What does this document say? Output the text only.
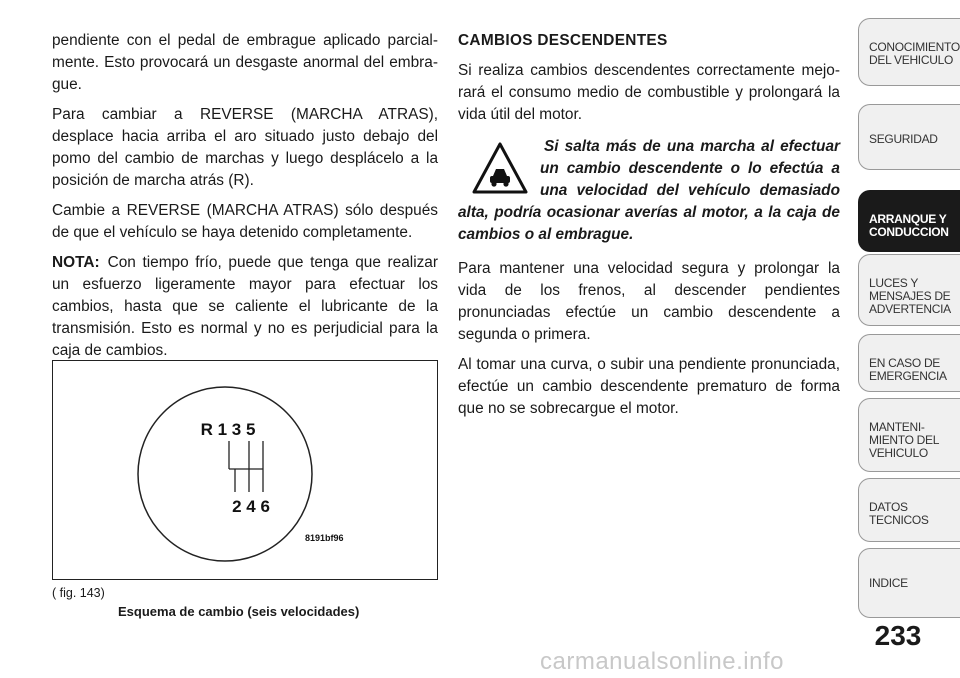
pendiente con el pedal de embrague aplicado parcialmente. Esto provocará un desgaste anormal del embrague.

Para cambiar a REVERSE (MARCHA ATRAS), desplace hacia arriba el aro situado justo debajo del pomo del cambio de marchas y luego desplácelo a la posición de marcha atrás (R).

Cambie a REVERSE (MARCHA ATRAS) sólo después de que el vehículo se haya detenido completamente.

NOTA: Con tiempo frío, puede que tenga que realizar un esfuerzo ligeramente mayor para efectuar los cambios, hasta que se caliente el lubricante de la transmisión. Esto es normal y no es perjudicial para la caja de cambios.

R 1 3 5
2 4 6
8191bf96
( fig. 143)
Esquema de cambio (seis velocidades)

CAMBIOS DESCENDENTES

Si realiza cambios descendentes correctamente mejorará el consumo medio de combustible y prolongará la vida útil del motor.

Si salta más de una marcha al efectuar un cambio descendente o lo efectúa a una velocidad del vehículo demasiado alta, podría ocasionar averías al motor, a la caja de cambios o al embrague.

Para mantener una velocidad segura y prolongar la vida de los frenos, al descender pendientes pronunciadas efectúe un cambio descendente a segunda o primera.

Al tomar una curva, o subir una pendiente pronunciada, efectúe un cambio descendente prematuro de forma que no se sobrecargue el motor.

CONOCIMIENTO
DEL VEHICULO
SEGURIDAD
ARRANQUE Y
CONDUCCION
LUCES Y
MENSAJES DE
ADVERTENCIA
EN CASO DE
EMERGENCIA
MANTENI-
MIENTO DEL
VEHICULO
DATOS
TECNICOS
INDICE
233
carmanualsonline.info
